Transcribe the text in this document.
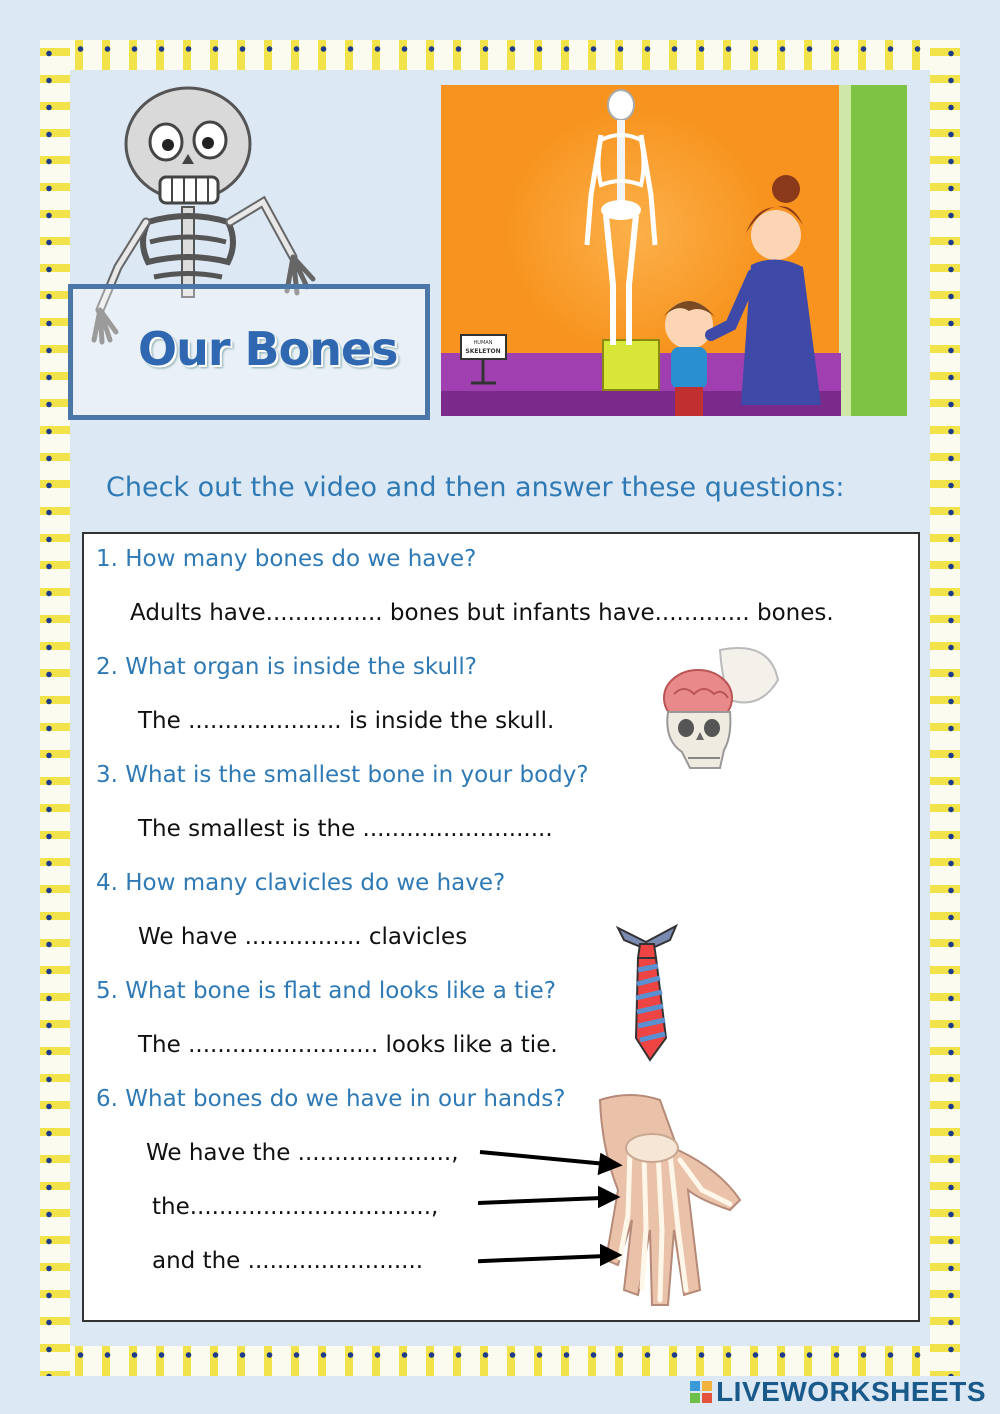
Our Bones	HUMAN
SKELETON
Check out the video and then answer these questions:
1. How many bones do we have?
Adults have................ bones but infants have............. bones.
2. What organ is inside the skull?
The ..................... is inside the skull.
3. What is the smallest bone in your body?
The smallest is the ..........................
4. How many clavicles do we have?
We have ................ clavicles
5. What bone is flat and looks like a tie?
The .......................... looks like a tie.
6. What bones do we have in our hands?
We have the .....................,
the.................................,
and the ........................
LIVEWORKSHEETS
